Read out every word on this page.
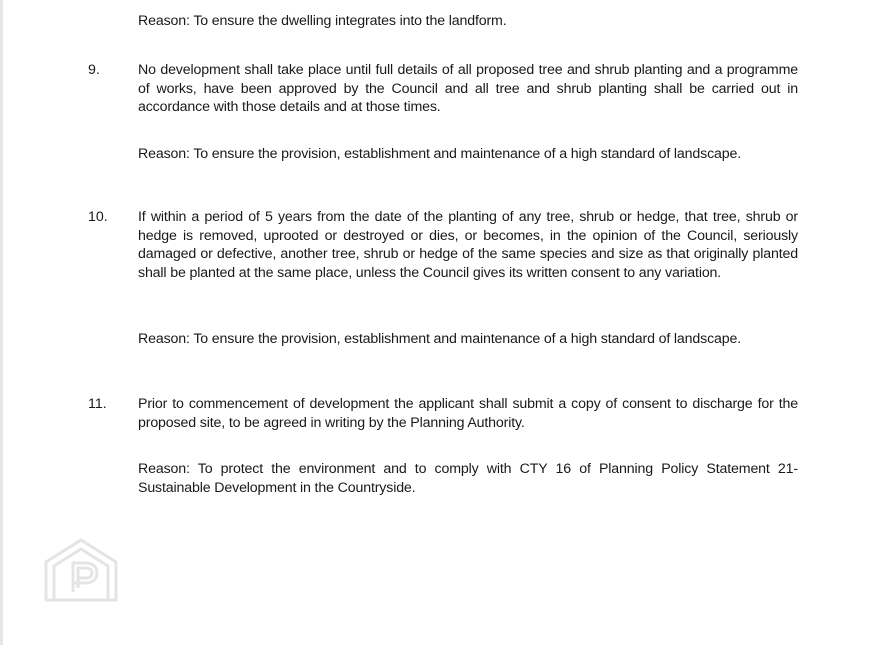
Reason: To ensure the dwelling integrates into the landform.
9.	No development shall take place until full details of all proposed tree and shrub planting and a programme of works, have been approved by the Council and all tree and shrub planting shall be carried out in accordance with those details and at those times.
Reason: To ensure the provision, establishment and maintenance of a high standard of landscape.
10. If within a period of 5 years from the date of the planting of any tree, shrub or hedge, that tree, shrub or hedge is removed, uprooted or destroyed or dies, or becomes, in the opinion of the Council, seriously damaged or defective, another tree, shrub or hedge of the same species and size as that originally planted shall be planted at the same place, unless the Council gives its written consent to any variation.
Reason: To ensure the provision, establishment and maintenance of a high standard of landscape.
11. Prior to commencement of development the applicant shall submit a copy of consent to discharge for the proposed site, to be agreed in writing by the Planning Authority.
Reason: To protect the environment and to comply with CTY 16 of Planning Policy Statement 21- Sustainable Development in the Countryside.
